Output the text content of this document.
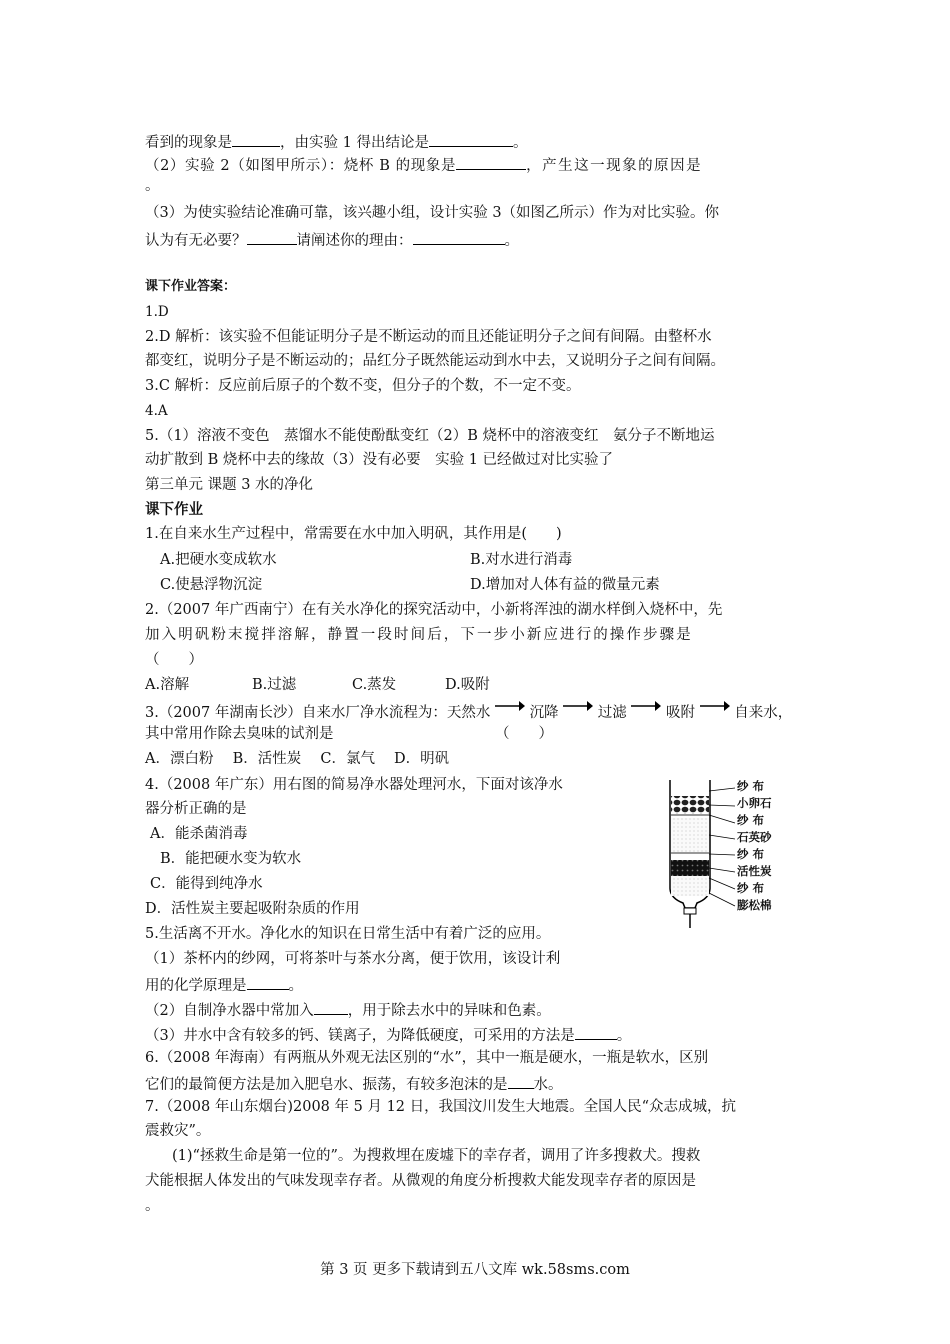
看到的现象是	，由实验 1 得出结论是	。
（2）实验 2（如图甲所示）：烧杯 B 的现象是	，产生这一现象的原因是
。
（3）为使实验结论准确可靠，该兴趣小组，设计实验 3（如图乙所示）作为对比实验。你
认为有无必要？	请阐述你的理由：	。
课下作业答案：
1.D
2.D 解析：该实验不但能证明分子是不断运动的而且还能证明分子之间有间隔。由整杯水
都变红，说明分子是不断运动的；品红分子既然能运动到水中去，又说明分子之间有间隔。
3.C 解析：反应前后原子的个数不变，但分子的个数，不一定不变。
4.A
5.（1）溶液不变色　蒸馏水不能使酚酞变红（2）B 烧杯中的溶液变红　氨分子不断地运
动扩散到 B 烧杯中去的缘故（3）没有必要　实验 1 已经做过对比实验了
第三单元 课题 3 水的净化
课下作业
1.在自来水生产过程中，常需要在水中加入明矾，其作用是(　　)
A.把硬水变成软水	B.对水进行消毒
C.使悬浮物沉淀	D.增加对人体有益的微量元素
2.（2007 年广西南宁）在有关水净化的探究活动中，小新将浑浊的湖水样倒入烧杯中，先
加入明矾粉末搅拌溶解，静置一段时间后，下一步小新应进行的操作步骤是
（　　）
A.溶解	B.过滤	C.蒸发	D.吸附
3.（2007 年湖南长沙）自来水厂净水流程为：天然水	沉降	过滤	吸附	自来水，
其中常用作除去臭味的试剂是	（　　）
A．漂白粉　 B．活性炭　 C．氯气　 D．明矾
4.（2008 年广东）用右图的简易净水器处理河水，下面对该净水
器分析正确的是
A．能杀菌消毒
B．能把硬水变为软水
C．能得到纯净水
D．活性炭主要起吸附杂质的作用
纱 布
小卵石
纱 布
石英砂
纱 布
活性炭
纱 布
膨松棉
5.生活离不开水。净化水的知识在日常生活中有着广泛的应用。
（1）茶杯内的纱网，可将茶叶与茶水分离，便于饮用，该设计利
用的化学原理是	。
（2）自制净水器中常加入 ，用于除去水中的异味和色素。
（3）井水中含有较多的钙、镁离子，为降低硬度，可采用的方法是	。
6.（2008 年海南）有两瓶从外观无法区别的“水”，其中一瓶是硬水，一瓶是软水，区别
它们的最简便方法是加入肥皂水、振荡，有较多泡沫的是 水。
7.（2008 年山东烟台)2008 年 5 月 12 日，我国汶川发生大地震。全国人民“众志成城，抗
震救灾”。
(1)“拯救生命是第一位的”。为搜救埋在废墟下的幸存者，调用了许多搜救犬。搜救
犬能根据人体发出的气味发现幸存者。从微观的角度分析搜救犬能发现幸存者的原因是
。
第 3 页 更多下载请到五八文库 wk.58sms.com
